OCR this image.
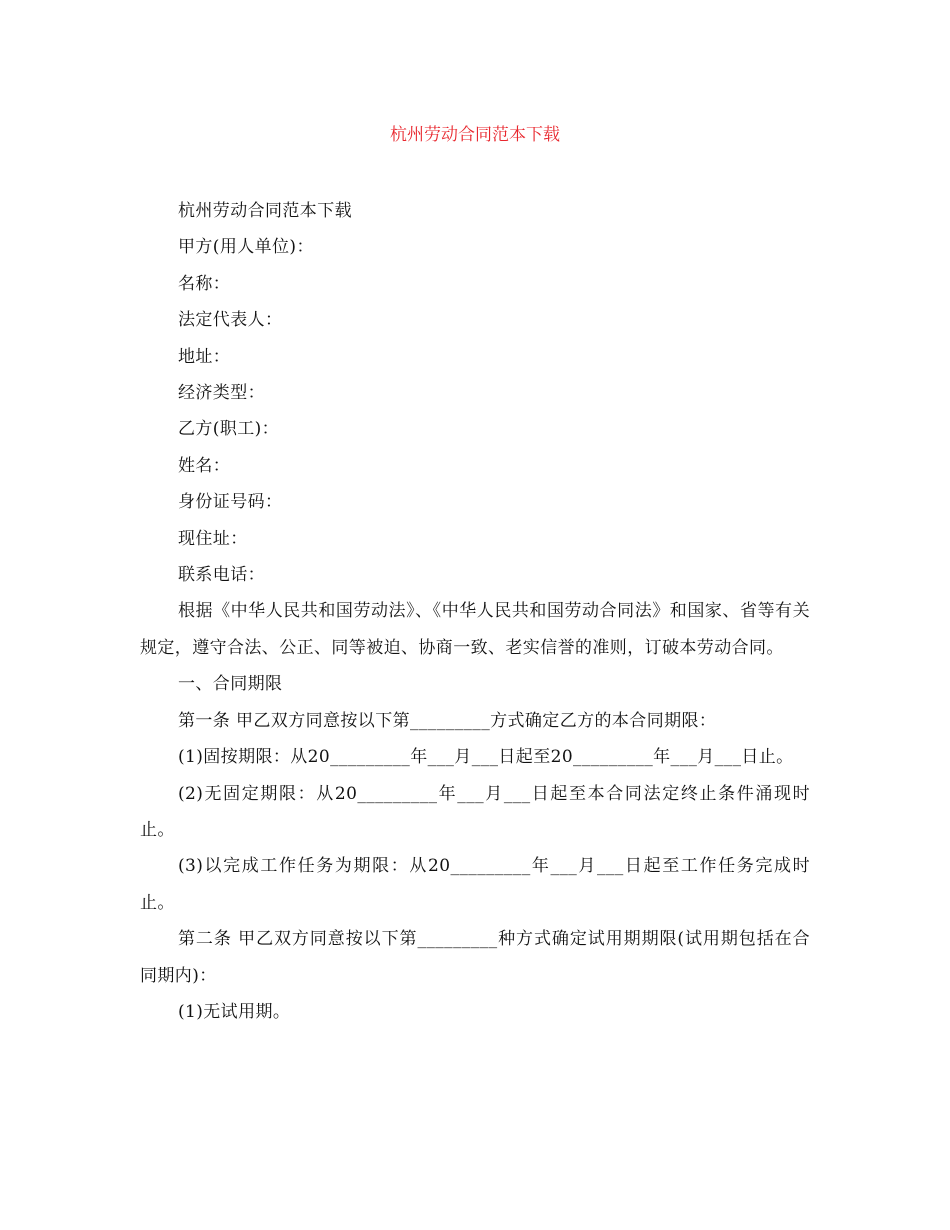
杭州劳动合同范本下载

杭州劳动合同范本下载

甲方(用人单位)：

名称：

法定代表人：

地址：

经济类型：

乙方(职工)：

姓名：

身份证号码：

现住址：

联系电话：

根据《中华人民共和国劳动法》、《中华人民共和国劳动合同法》和国家、省等有关规定，遵守合法、公正、同等被迫、协商一致、老实信誉的准则，订破本劳动合同。

一、合同期限

第一条 甲乙双方同意按以下第_________方式确定乙方的本合同期限：

(1)固按期限：从20_________年___月___日起至20_________年___月___日止。

(2)无固定期限：从20_________年___月___日起至本合同法定终止条件涌现时止。

(3)以完成工作任务为期限：从20_________年___月___日起至工作任务完成时止。

第二条 甲乙双方同意按以下第_________种方式确定试用期期限(试用期包括在合同期内)：

(1)无试用期。
